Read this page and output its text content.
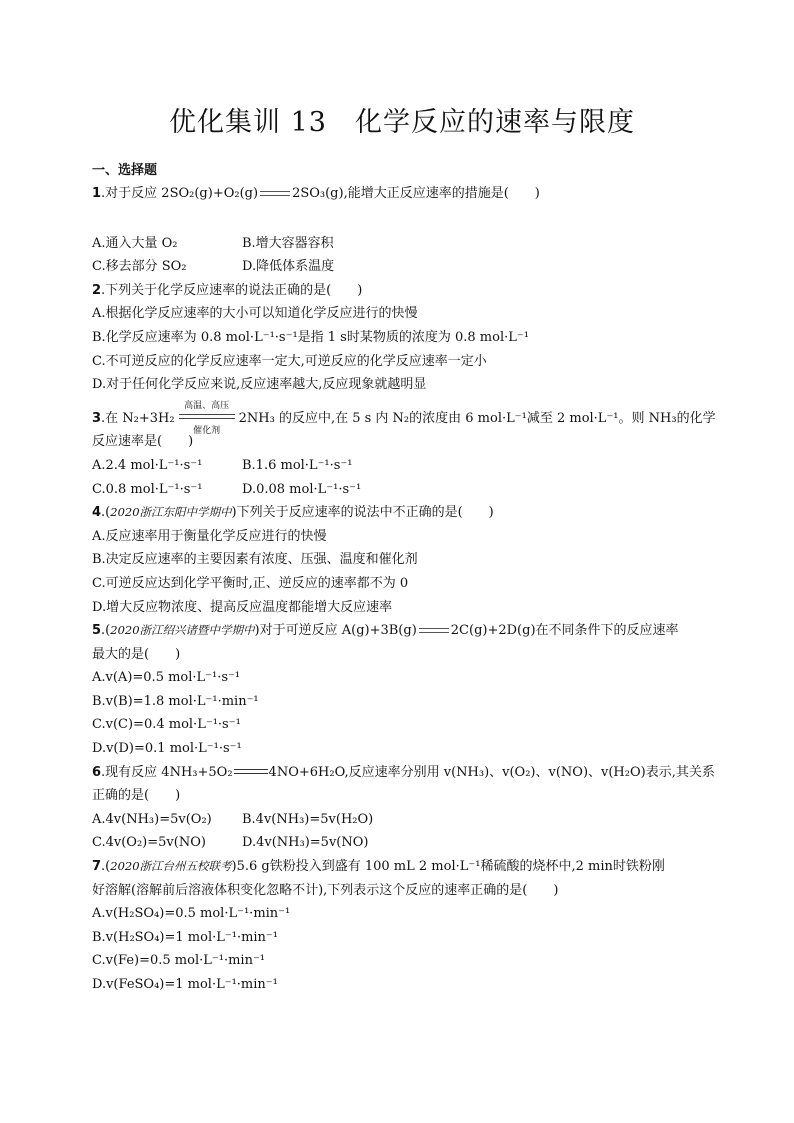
优化集训 13　化学反应的速率与限度
一、选择题
1.对于反应 2SO₂(g)+O₂(g)	2SO₃(g),能增大正反应速率的措施是(　　)
A.通入大量 O₂	B.增大容器容积
C.移去部分 SO₂	D.降低体系温度
2.下列关于化学反应速率的说法正确的是(　　)
A.根据化学反应速率的大小可以知道化学反应进行的快慢
B.化学反应速率为 0.8 mol·L⁻¹·s⁻¹是指 1 s时某物质的浓度为 0.8 mol·L⁻¹
C.不可逆反应的化学反应速率一定大,可逆反应的化学反应速率一定小
D.对于任何化学反应来说,反应速率越大,反应现象就越明显
3.在 N₂+3H₂
高温、高压
催化剂
2NH₃ 的反应中,在 5 s 内 N₂的浓度由 6 mol·L⁻¹减至 2 mol·L⁻¹。则 NH₃的化学
反应速率是(　　)
A.2.4 mol·L⁻¹·s⁻¹	B.1.6 mol·L⁻¹·s⁻¹
C.0.8 mol·L⁻¹·s⁻¹	D.0.08 mol·L⁻¹·s⁻¹
4.(2020浙江东阳中学期中)下列关于反应速率的说法中不正确的是(　　)
A.反应速率用于衡量化学反应进行的快慢
B.决定反应速率的主要因素有浓度、压强、温度和催化剂
C.可逆反应达到化学平衡时,正、逆反应的速率都不为 0
D.增大反应物浓度、提高反应温度都能增大反应速率
5.(2020浙江绍兴诸暨中学期中)对于可逆反应 A(g)+3B(g)	2C(g)+2D(g)在不同条件下的反应速率
最大的是(　　)
A.v(A)=0.5 mol·L⁻¹·s⁻¹
B.v(B)=1.8 mol·L⁻¹·min⁻¹
C.v(C)=0.4 mol·L⁻¹·s⁻¹
D.v(D)=0.1 mol·L⁻¹·s⁻¹
6.现有反应 4NH₃+5O₂	4NO+6H₂O,反应速率分别用 v(NH₃)、v(O₂)、v(NO)、v(H₂O)表示,其关系
正确的是(　　)
A.4v(NH₃)=5v(O₂) B.4v(NH₃)=5v(H₂O)
C.4v(O₂)=5v(NO)	D.4v(NH₃)=5v(NO)
7.(2020浙江台州五校联考)5.6 g铁粉投入到盛有 100 mL 2 mol·L⁻¹稀硫酸的烧杯中,2 min时铁粉刚
好溶解(溶解前后溶液体积变化忽略不计),下列表示这个反应的速率正确的是(　　)
A.v(H₂SO₄)=0.5 mol·L⁻¹·min⁻¹
B.v(H₂SO₄)=1 mol·L⁻¹·min⁻¹
C.v(Fe)=0.5 mol·L⁻¹·min⁻¹
D.v(FeSO₄)=1 mol·L⁻¹·min⁻¹
